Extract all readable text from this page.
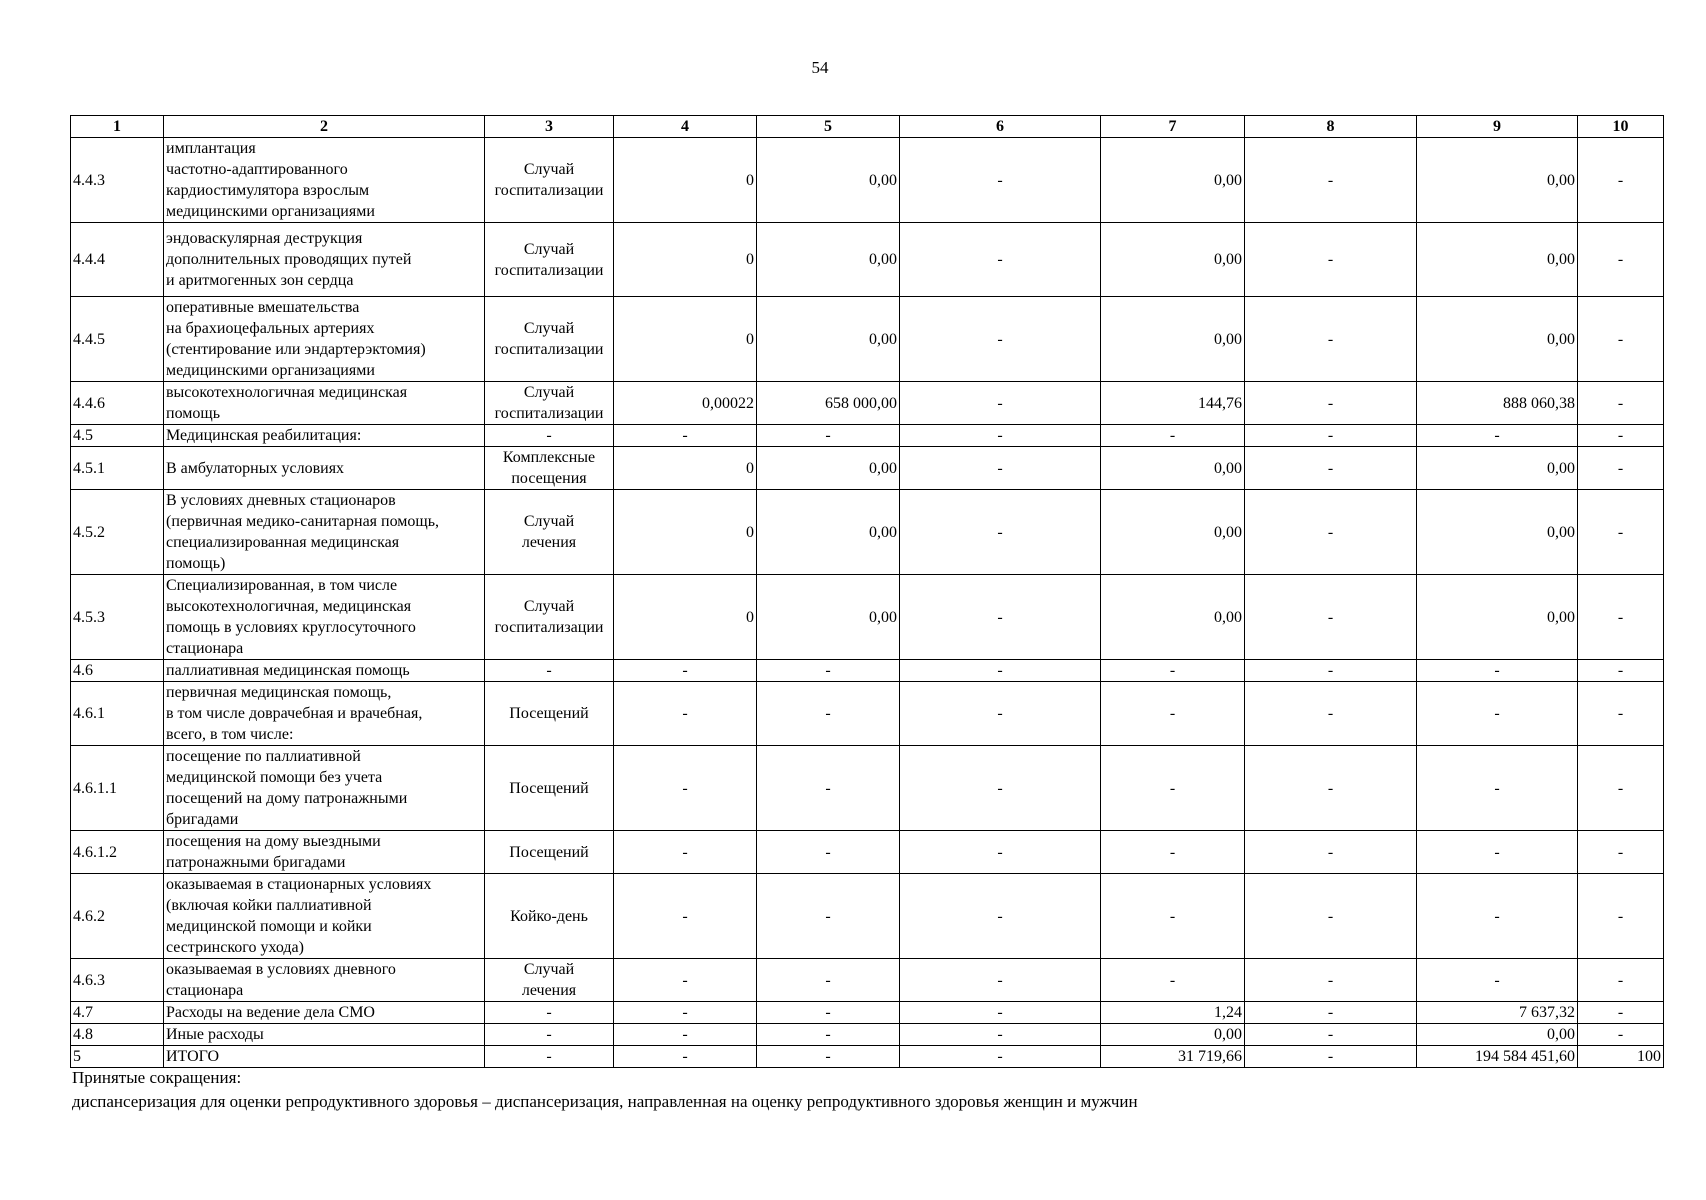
54
1	2	3	4	5	6	7	8	9	10
4.4.3	имплантация
частотно-адаптированного
кардиостимулятора взрослым
медицинскими организациями	Случай
госпитализации	0	0,00	-	0,00	-	0,00	-
4.4.4	эндоваскулярная деструкция
дополнительных проводящих путей
и аритмогенных зон сердца	Случай
госпитализации	0	0,00	-	0,00	-	0,00	-
4.4.5	оперативные вмешательства
на брахиоцефальных артериях
(стентирование или эндартерэктомия)
медицинскими организациями	Случай
госпитализации	0	0,00	-	0,00	-	0,00	-
4.4.6	высокотехнологичная медицинская
помощь	Случай
госпитализации	0,00022	658 000,00	-	144,76	-	888 060,38	-
4.5	Медицинская реабилитация:	-	-	-	-	-	-	-	-
4.5.1	В амбулаторных условиях	Комплексные
посещения	0	0,00	-	0,00	-	0,00	-
4.5.2	В условиях дневных стационаров
(первичная медико-санитарная помощь,
специализированная медицинская
помощь)	Случай
лечения	0	0,00	-	0,00	-	0,00	-
4.5.3	Специализированная, в том числе
высокотехнологичная, медицинская
помощь в условиях круглосуточного
стационара	Случай
госпитализации	0	0,00	-	0,00	-	0,00	-
4.6	паллиативная медицинская помощь	-	-	-	-	-	-	-	-
4.6.1	первичная медицинская помощь,
в том числе доврачебная и врачебная,
всего, в том числе:	Посещений	-	-	-	-	-	-	-
4.6.1.1	посещение по паллиативной
медицинской помощи без учета
посещений на дому патронажными
бригадами	Посещений	-	-	-	-	-	-	-
4.6.1.2	посещения на дому выездными
патронажными бригадами	Посещений	-	-	-	-	-	-	-
4.6.2	оказываемая в стационарных условиях
(включая койки паллиативной
медицинской помощи и койки
сестринского ухода)	Койко-день	-	-	-	-	-	-	-
4.6.3	оказываемая в условиях дневного
стационара	Случай
лечения	-	-	-	-	-	-	-
4.7	Расходы на ведение дела СМО	-	-	-	-	1,24	-	7 637,32	-
4.8	Иные расходы	-	-	-	-	0,00	-	0,00	-
5	ИТОГО	-	-	-	-	31 719,66	-	194 584 451,60	100
Принятые сокращения:
диспансеризация для оценки репродуктивного здоровья – диспансеризация, направленная на оценку репродуктивного здоровья женщин и мужчин
